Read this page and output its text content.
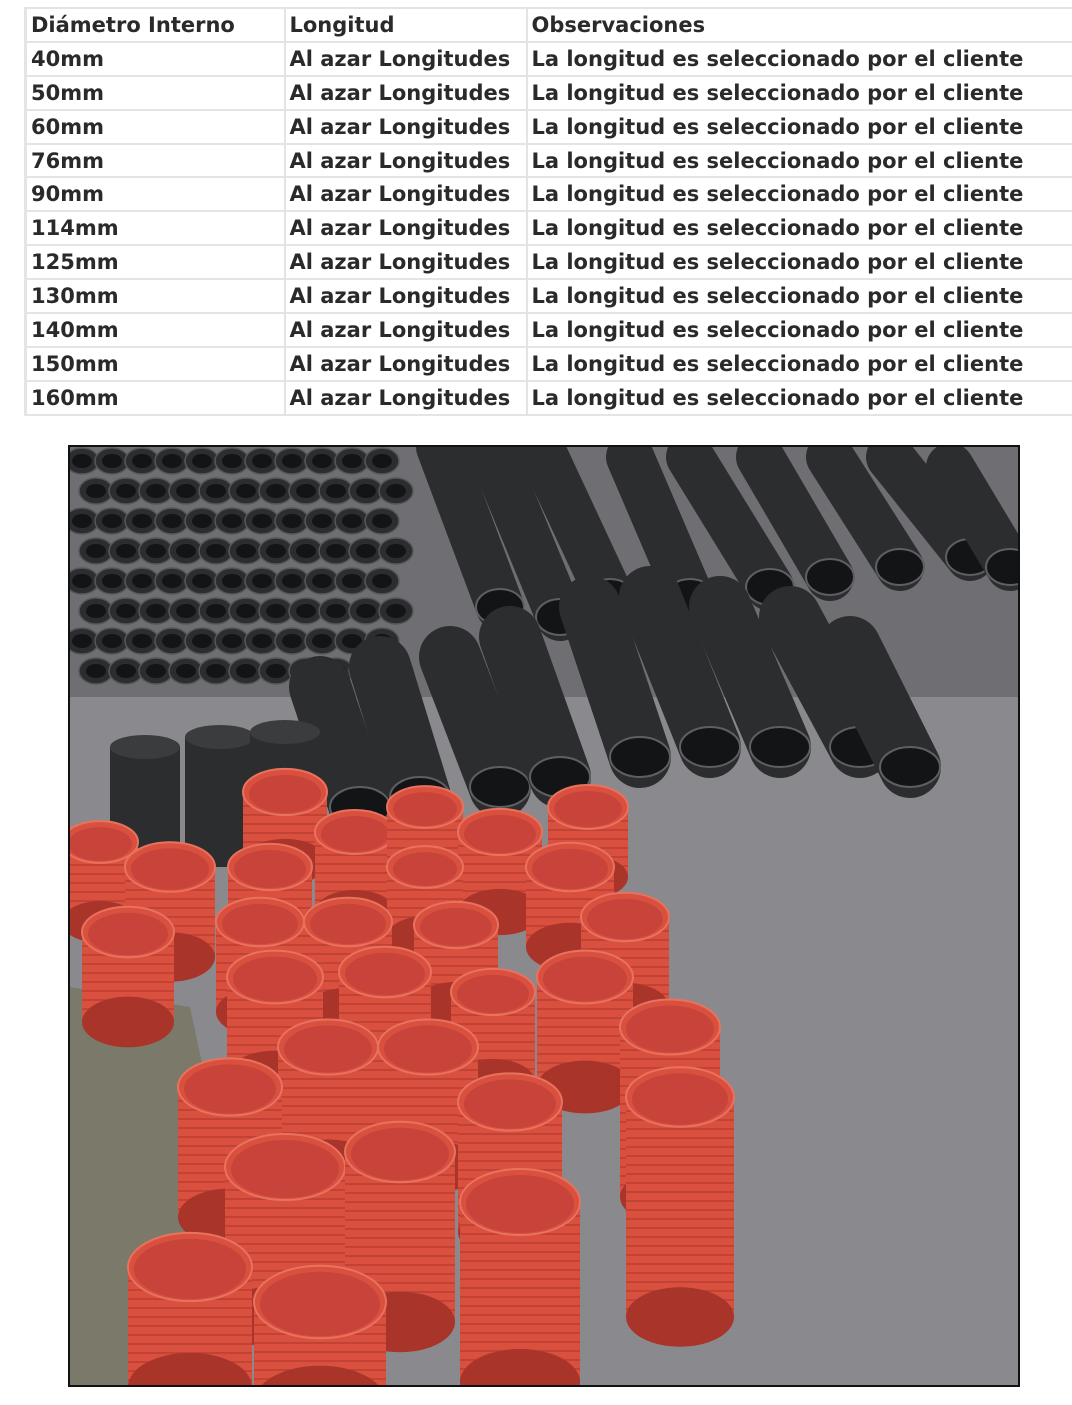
Diámetro Interno	Longitud	Observaciones
40mm	Al azar Longitudes	La longitud es seleccionado por el cliente
50mm	Al azar Longitudes	La longitud es seleccionado por el cliente
60mm	Al azar Longitudes	La longitud es seleccionado por el cliente
76mm	Al azar Longitudes	La longitud es seleccionado por el cliente
90mm	Al azar Longitudes	La longitud es seleccionado por el cliente
114mm	Al azar Longitudes	La longitud es seleccionado por el cliente
125mm	Al azar Longitudes	La longitud es seleccionado por el cliente
130mm	Al azar Longitudes	La longitud es seleccionado por el cliente
140mm	Al azar Longitudes	La longitud es seleccionado por el cliente
150mm	Al azar Longitudes	La longitud es seleccionado por el cliente
160mm	Al azar Longitudes	La longitud es seleccionado por el cliente
